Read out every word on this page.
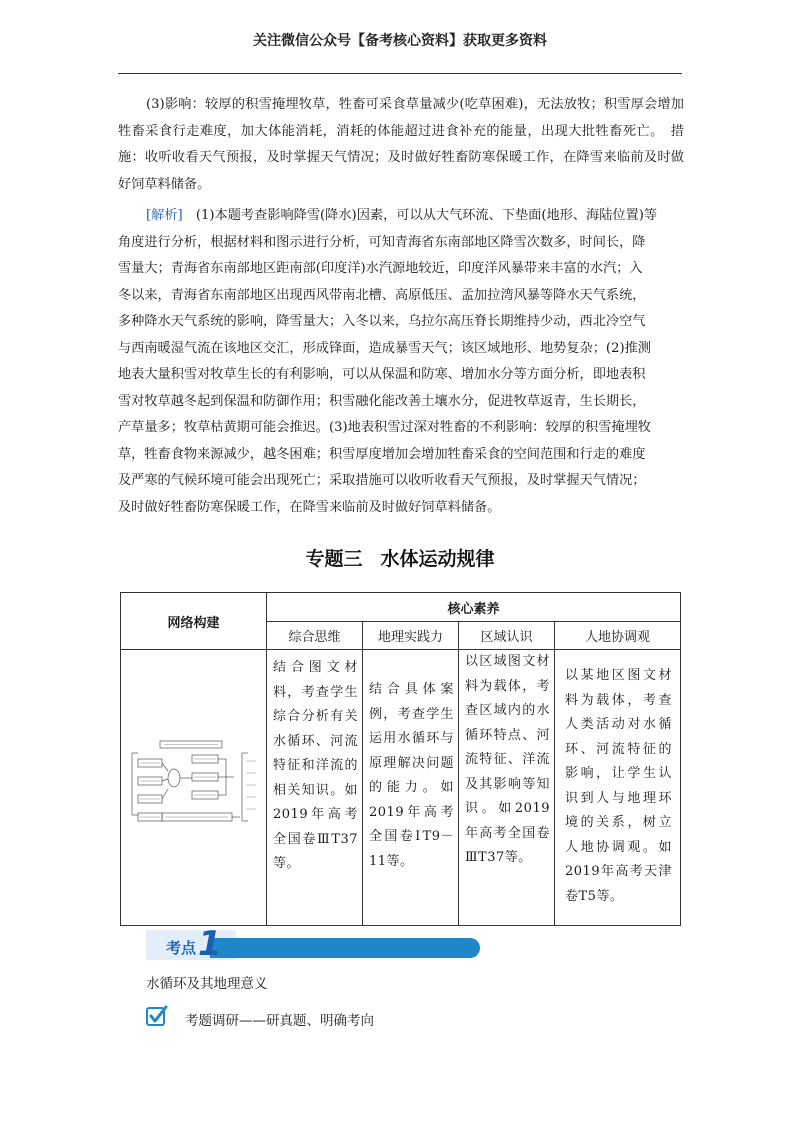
关注微信公众号【备考核心资料】获取更多资料
(3)影响：较厚的积雪掩埋牧草，牲畜可采食草量减少(吃草困难)，无法放牧；积雪厚会增加牲畜采食行走难度，加大体能消耗，消耗的体能超过进食补充的能量，出现大批牲畜死亡。　措施：收听收看天气预报，及时掌握天气情况；及时做好牲畜防寒保暖工作，在降雪来临前及时做好饲草料储备。
[解析]　 (1)本题考查影响降雪(降水)因素，可以从大气环流、下垫面(地形、海陆位置)等
角度进行分析，根据材料和图示进行分析，可知青海省东南部地区降雪次数多，时间长，降
雪量大；青海省东南部地区距南部(印度洋)水汽源地较近，印度洋风暴带来丰富的水汽；入
冬以来，青海省东南部地区出现西风带南北槽、高原低压、孟加拉湾风暴等降水天气系统，
多种降水天气系统的影响，降雪量大；入冬以来，乌拉尔高压脊长期维持少动，西北冷空气
与西南暖湿气流在该地区交汇，形成锋面，造成暴雪天气；该区域地形、地势复杂；(2)推测
地表大量积雪对牧草生长的有利影响，可以从保温和防寒、增加水分等方面分析，即地表积
雪对牧草越冬起到保温和防御作用；积雪融化能改善土壤水分，促进牧草返青，生长期长，
产草量多；牧草枯黄期可能会推迟。(3)地表积雪过深对牲畜的不利影响：较厚的积雪掩埋牧
草，牲畜食物来源减少，越冬困难；积雪厚度增加会增加牲畜采食的空间范围和行走的难度
及严寒的气候环境可能会出现死亡；采取措施可以收听收看天气预报，及时掌握天气情况；
及时做好牲畜防寒保暖工作，在降雪来临前及时做好饲草料储备。
专题三 水体运动规律
网络构建	核心素养			
	综合思维	地理实践力	区域认识	人地协调观

结合图文材料，考查学生综合分析有关水循环、河流特征和洋流的相关知识。如2019年高考全国卷ⅢT37等。	结合具体案例，考查学生运用水循环与原理解决问题的能力。如2019年高考全国卷ⅠT9－11等。	以区域图文材料为载体，考查区域内的水循环特点、河流特征、洋流及其影响等知识。如2019年高考全国卷ⅢT37等。	以某地区图文材料为载体，考查人类活动对水循环、河流特征的影响，让学生认识到人与地理环境的关系，树立人地协调观。如2019年高考天津卷T5等。
考点 1
水循环及其地理意义
考题调研——研真题、明确考向
